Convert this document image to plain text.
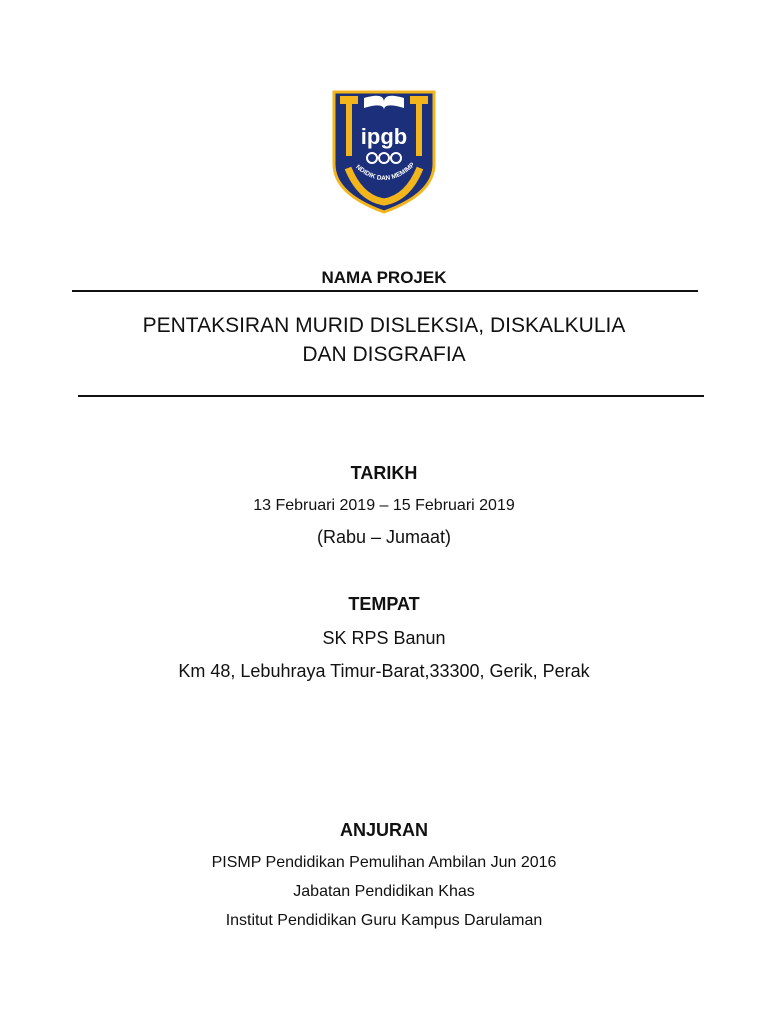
NDIDIK DAN MEMIMP
ipgb
NAMA PROJEK
PENTAKSIRAN MURID DISLEKSIA, DISKALKULIA
DAN DISGRAFIA
TARIKH
13 Februari 2019 – 15 Februari 2019
(Rabu – Jumaat)
TEMPAT
SK RPS Banun
Km 48, Lebuhraya Timur-Barat,33300, Gerik, Perak
ANJURAN
PISMP Pendidikan Pemulihan Ambilan Jun 2016
Jabatan Pendidikan Khas
Institut Pendidikan Guru Kampus Darulaman
